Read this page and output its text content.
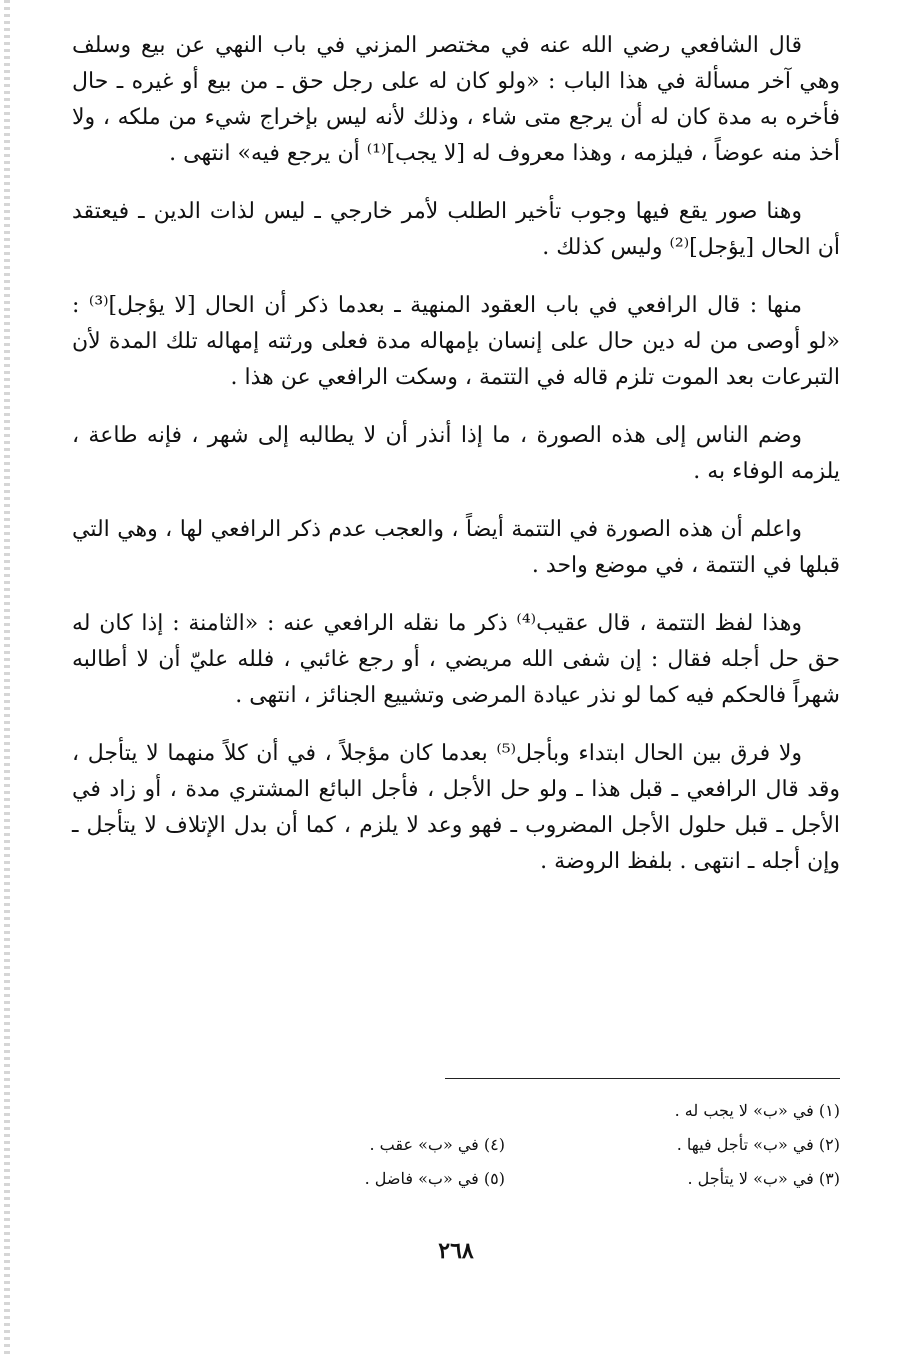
قال الشافعي رضي الله عنه في مختصر المزني في باب النهي عن بيع وسلف وهي آخر مسألة في هذا الباب : «ولو كان له على رجل حق ـ من بيع أو غيره ـ حال فأخره به مدة كان له أن يرجع متى شاء ، وذلك لأنه ليس بإخراج شيء من ملكه ، ولا أخذ منه عوضاً ، فيلزمه ، وهذا معروف له [لا يجب]⁽¹⁾ أن يرجع فيه» انتهى .

وهنا صور يقع فيها وجوب تأخير الطلب لأمر خارجي ـ ليس لذات الدين ـ فيعتقد أن الحال [يؤجل]⁽²⁾ وليس كذلك .

منها : قال الرافعي في باب العقود المنهية ـ بعدما ذكر أن الحال [لا يؤجل]⁽³⁾ : «لو أوصى من له دين حال على إنسان بإمهاله مدة فعلى ورثته إمهاله تلك المدة لأن التبرعات بعد الموت تلزم قاله في التتمة ، وسكت الرافعي عن هذا .

وضم الناس إلى هذه الصورة ، ما إذا أنذر أن لا يطالبه إلى شهر ، فإنه طاعة ، يلزمه الوفاء به .

واعلم أن هذه الصورة في التتمة أيضاً ، والعجب عدم ذكر الرافعي لها ، وهي التي قبلها في التتمة ، في موضع واحد .

وهذا لفظ التتمة ، قال عقيب⁽⁴⁾ ذكر ما نقله الرافعي عنه : «الثامنة : إذا كان له حق حل أجله فقال : إن شفى الله مريضي ، أو رجع غائبي ، فلله عليّ أن لا أطالبه شهراً فالحكم فيه كما لو نذر عيادة المرضى وتشييع الجنائز ، انتهى .

ولا فرق بين الحال ابتداء وبأجل⁽⁵⁾ بعدما كان مؤجلاً ، في أن كلاً منهما لا يتأجل ، وقد قال الرافعي ـ قبل هذا ـ ولو حل الأجل ، فأجل البائع المشتري مدة ، أو زاد في الأجل ـ قبل حلول الأجل المضروب ـ فهو وعد لا يلزم ، كما أن بدل الإتلاف لا يتأجل ـ وإن أجله ـ انتهى . بلفظ الروضة .

(١) في «ب» لا يجب له .
(٢) في «ب» تأجل فيها .
(٣) في «ب» لا يتأجل .
(٤) في «ب» عقب .
(٥) في «ب» فاضل .
٢٦٨
